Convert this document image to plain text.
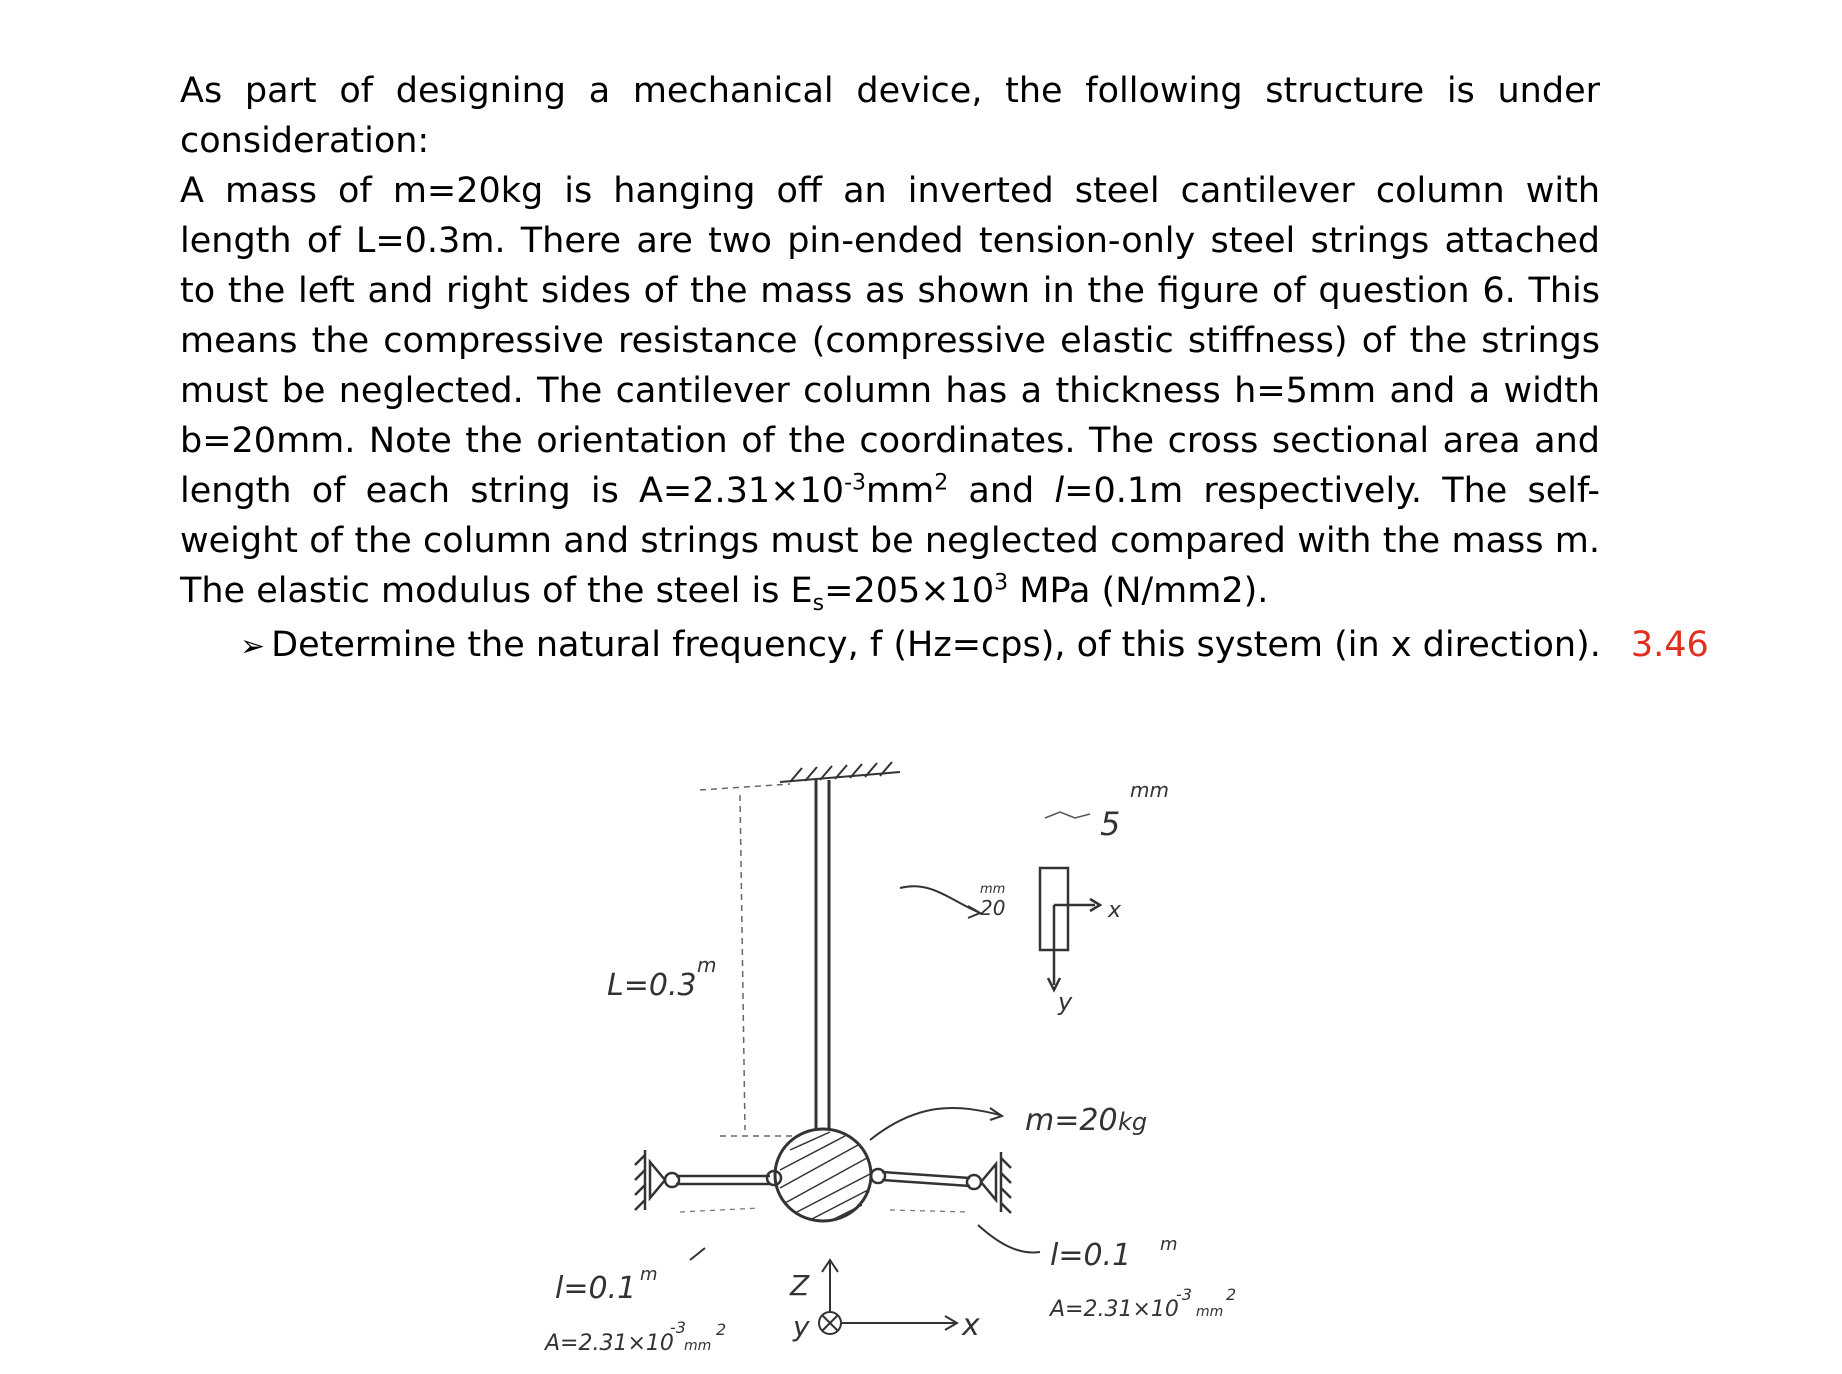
As part of designing a mechanical device, the following structure is under consideration:

A mass of m=20kg is hanging off an inverted steel cantilever column with length of L=0.3m. There are two pin-ended tension-only steel strings attached to the left and right sides of the mass as shown in the figure of question 6. This means the compressive resistance (compressive elastic stiffness) of the strings must be neglected. The cantilever column has a thickness h=5mm and a width b=20mm. Note the orientation of the coordinates. The cross sectional area and length of each string is $A=2.31\times 10^{-3}mm^2$ and l=0.1m respectively. The self-weight of the column and strings must be neglected compared with the mass m. The elastic modulus of the steel is $E_s=205\times 10^3$ MPa (N/mm2).

➢ Determine the natural frequency, f (Hz=cps), of this system (in x direction). 3.46
L=0.3
m
20
mm
5
mm
x
y
m=20 kg
l=0.1 m
A=2.31×10
-3
mm
2
l=0.1 m
A=2.31×10
-3
mm
2
Z
y	x
